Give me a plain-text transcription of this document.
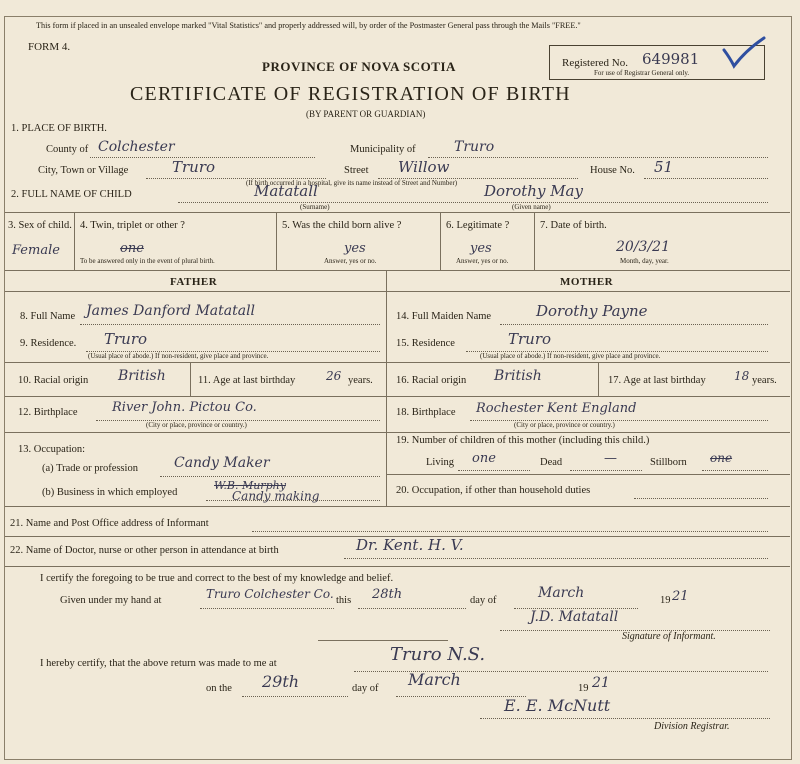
This form if placed in an unsealed envelope marked "Vital Statistics" and properly addressed will, by order of the Postmaster General pass through the Mails "FREE."
FORM 4.
PROVINCE OF NOVA SCOTIA
CERTIFICATE OF REGISTRATION OF BIRTH
(BY PARENT OR GUARDIAN)
Registered No. 649981
For use of Registrar General only.
1. PLACE OF BIRTH.
County of Colchester	Municipality of	Truro
City, Town or Village	Truro	Street Willow	House No. 51
(If birth occurred in a hospital, give its name instead of Street and Number)
2. FULL NAME OF CHILD	Matatall	Dorothy May
(Surname)	(Given name)
3. Sex of child.
Female
4. Twin, triplet or other ?
one
To be answered only in the event of plural birth.
5. Was the child born alive ?
yes
Answer, yes or no.
6. Legitimate ?
yes
Answer, yes or no.
7. Date of birth.
20/3/21
Month, day, year.
FATHER	MOTHER
8. Full Name James Danford Matatall
9. Residence. Truro
(Usual place of abode.) If non-resident, give place and province.
10. Racial origin British	11. Age at last birthday	26 years.
12. Birthplace	River John. Pictou Co.
(City or place, province or country.)
13. Occupation:
(a) Trade or profession	Candy Maker
(b) Business in which employed
W.B. Murphy
Candy making
14. Full Maiden Name	Dorothy Payne
15. Residence	Truro
(Usual place of abode.) If non-resident, give place and province.
16. Racial origin British	17. Age at last birthday 18 years.
18. Birthplace Rochester Kent England
(City or place, province or country.)
19. Number of children of this mother (including this child.)
Living one	Dead	—	Stillborn one
20. Occupation, if other than household duties
21. Name and Post Office address of Informant
22. Name of Doctor, nurse or other person in attendance at birth	Dr. Kent. H. V.
I certify the foregoing to be true and correct to the best of my knowledge and belief.
Given under my hand at	Truro Colchester Co. this 28th	day of	March	19 21
J.D. Matatall
Signature of Informant.
I hereby certify, that the above return was made to me at	Truro N.S.
on the 29th	day of March	19 21
E. E. McNutt
Division Registrar.
